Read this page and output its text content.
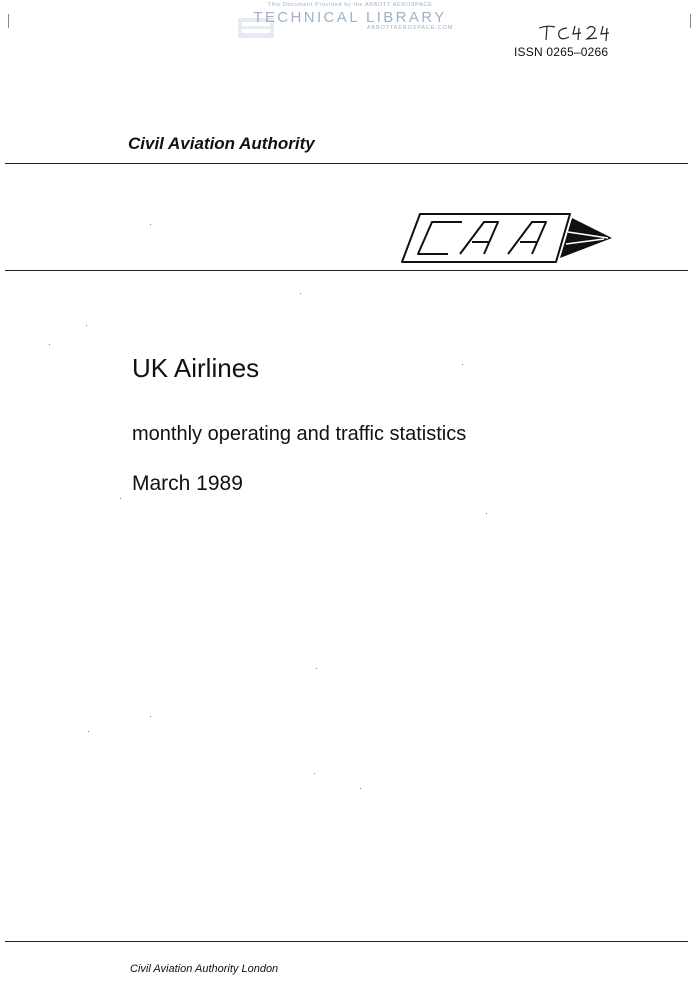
This Document Provided by the ABBOTT AEROSPACE
TECHNICAL LIBRARY
ABBOTTAEROSPACE.COM
ISSN 0265–0266
Civil Aviation Authority
UK Airlines
monthly operating and traffic statistics
March 1989
Civil Aviation Authority London
